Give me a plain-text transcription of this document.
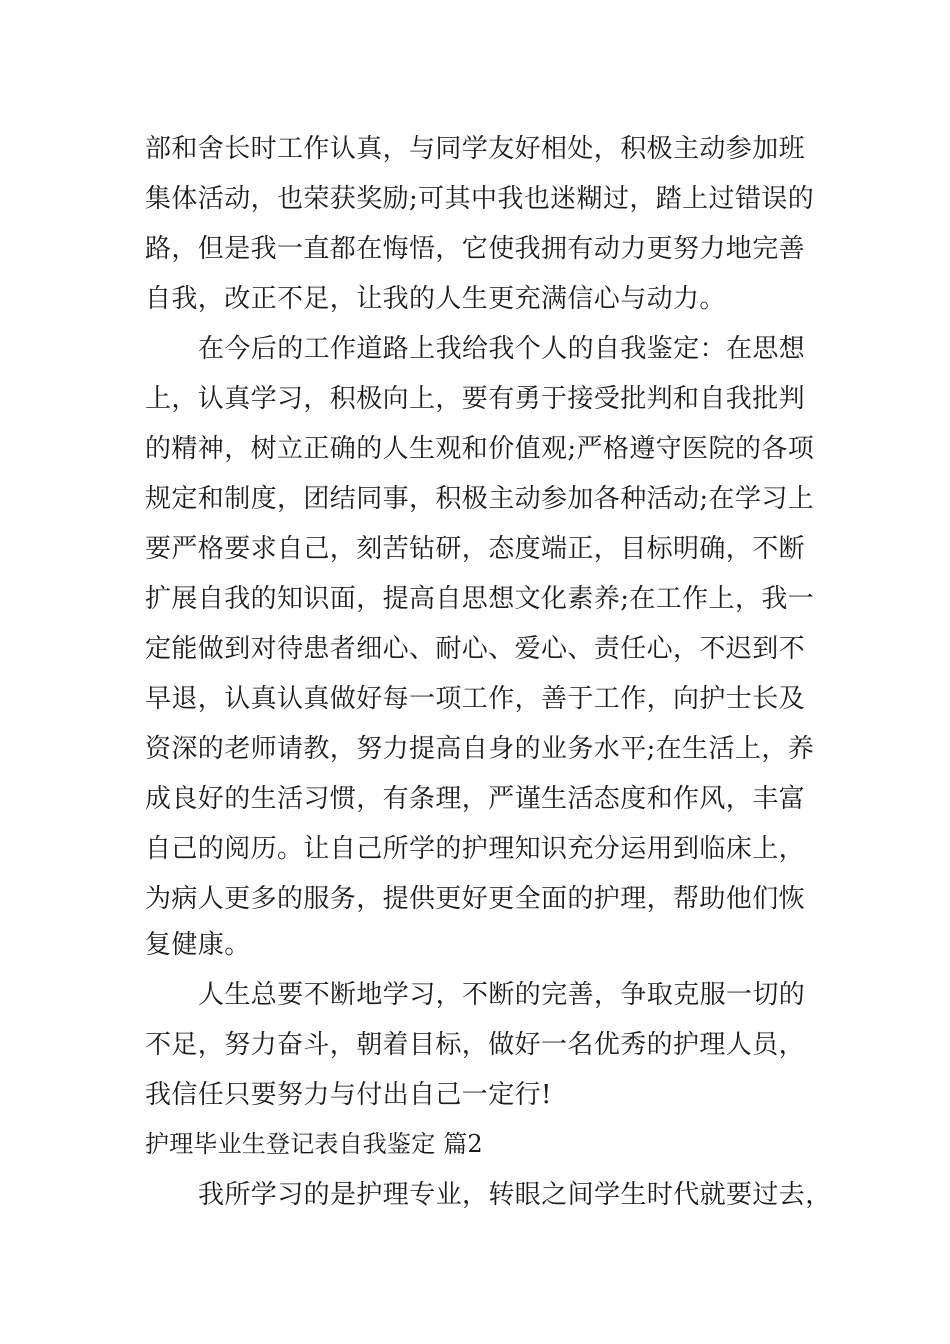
部和舍长时工作认真，与同学友好相处，积极主动参加班
集体活动，也荣获奖励;可其中我也迷糊过，踏上过错误的
路，但是我一直都在悔悟，它使我拥有动力更努力地完善
自我，改正不足，让我的人生更充满信心与动力。
在今后的工作道路上我给我个人的自我鉴定：在思想
上，认真学习，积极向上，要有勇于接受批判和自我批判
的精神，树立正确的人生观和价值观;严格遵守医院的各项
规定和制度，团结同事，积极主动参加各种活动;在学习上
要严格要求自己，刻苦钻研，态度端正，目标明确，不断
扩展自我的知识面，提高自思想文化素养;在工作上，我一
定能做到对待患者细心、耐心、爱心、责任心，不迟到不
早退，认真认真做好每一项工作，善于工作，向护士长及
资深的老师请教，努力提高自身的业务水平;在生活上，养
成良好的生活习惯，有条理，严谨生活态度和作风，丰富
自己的阅历。让自己所学的护理知识充分运用到临床上，
为病人更多的服务，提供更好更全面的护理，帮助他们恢
复健康。
人生总要不断地学习，不断的完善，争取克服一切的
不足，努力奋斗，朝着目标，做好一名优秀的护理人员，
我信任只要努力与付出自己一定行!
护理毕业生登记表自我鉴定 篇2
我所学习的是护理专业，转眼之间学生时代就要过去，
